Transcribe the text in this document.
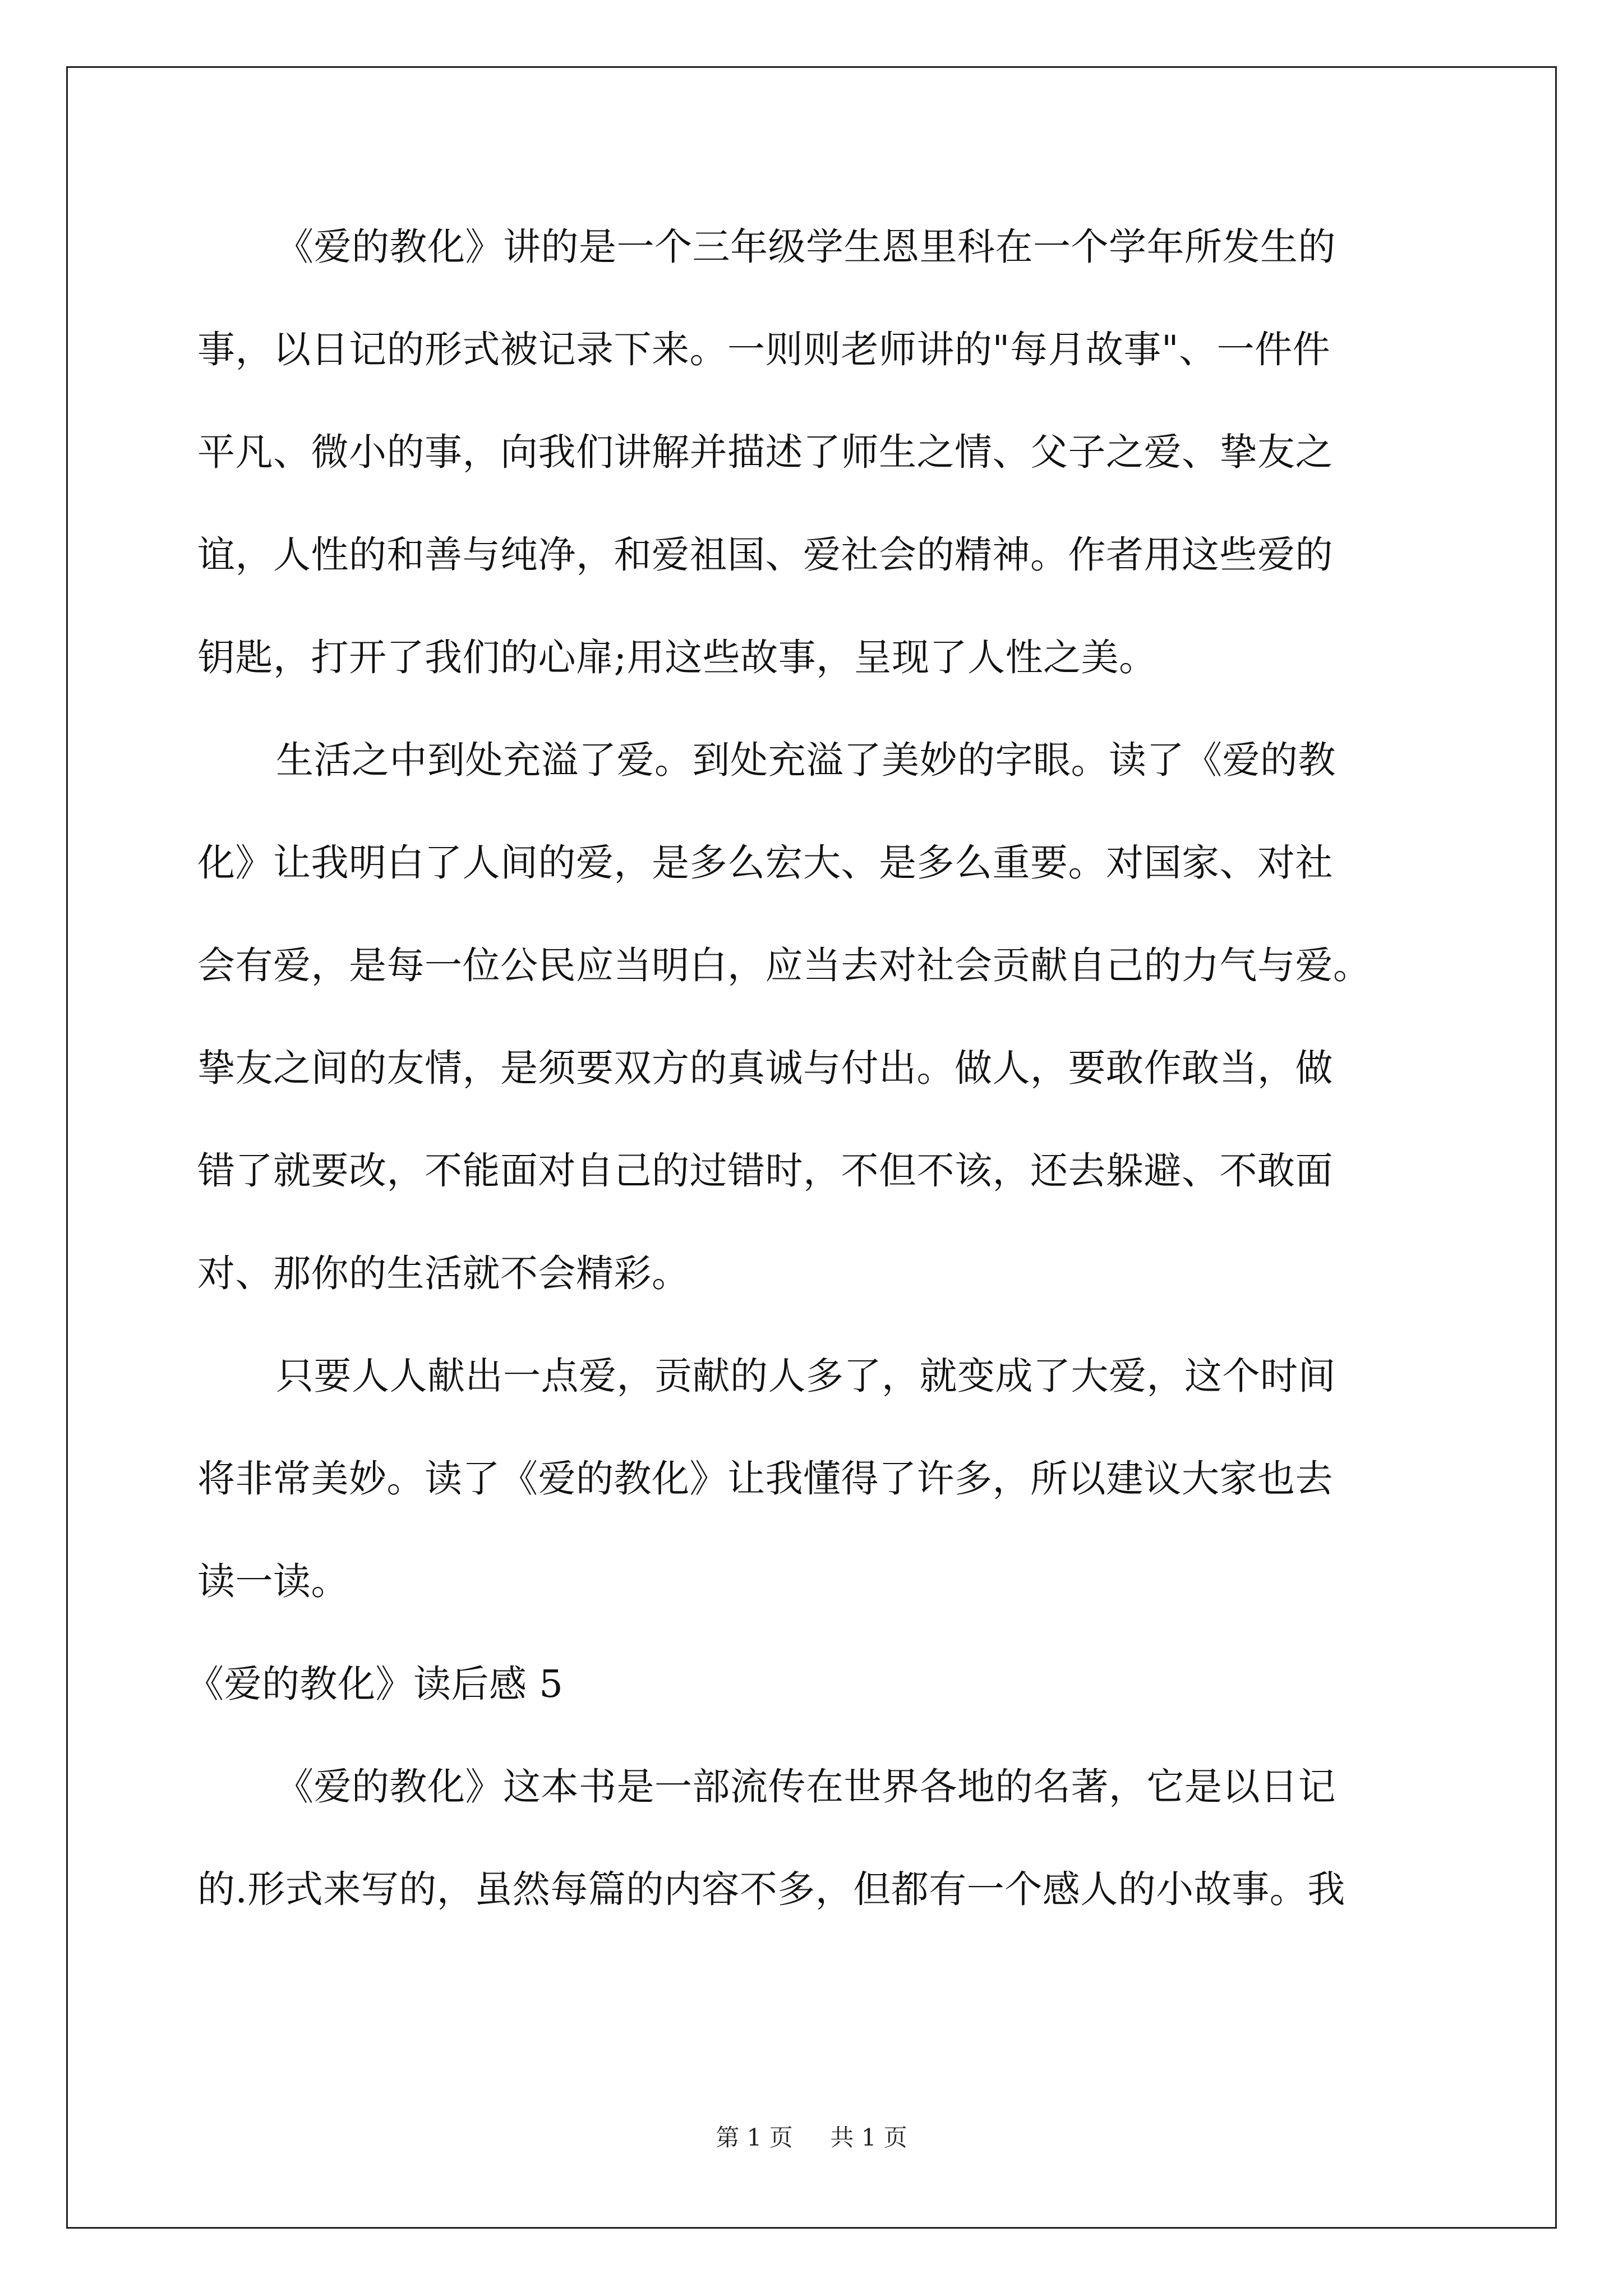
《爱的教化》讲的是一个三年级学生恩里科在一个学年所发生的
事，以日记的形式被记录下来。一则则老师讲的"每月故事"、一件件
平凡、微小的事，向我们讲解并描述了师生之情、父子之爱、挚友之
谊，人性的和善与纯净，和爱祖国、爱社会的精神。作者用这些爱的
钥匙，打开了我们的心扉;用这些故事，呈现了人性之美。
生活之中到处充溢了爱。到处充溢了美妙的字眼。读了《爱的教
化》让我明白了人间的爱，是多么宏大、是多么重要。对国家、对社
会有爱，是每一位公民应当明白，应当去对社会贡献自己的力气与爱。
挚友之间的友情，是须要双方的真诚与付出。做人，要敢作敢当，做
错了就要改，不能面对自己的过错时，不但不该，还去躲避、不敢面
对、那你的生活就不会精彩。
只要人人献出一点爱，贡献的人多了，就变成了大爱，这个时间
将非常美妙。读了《爱的教化》让我懂得了许多，所以建议大家也去
读一读。
《爱的教化》读后感 5
《爱的教化》这本书是一部流传在世界各地的名著，它是以日记
的.形式来写的，虽然每篇的内容不多，但都有一个感人的小故事。我
第 1 页 共 1 页
